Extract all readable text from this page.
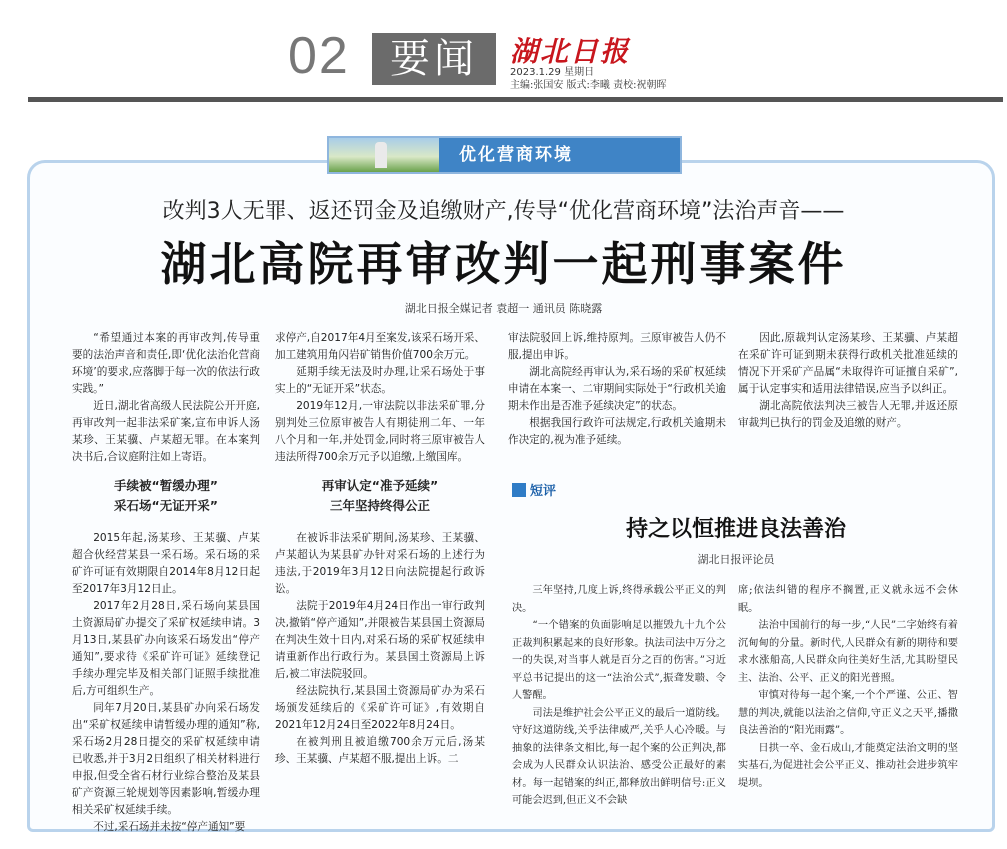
02	要闻	湖北日报
2023.1.29 星期日
主编:张国安 版式:李曦 责校:祝朝晖
优化营商环境
改判3人无罪、返还罚金及追缴财产,传导“优化营商环境”法治声音——
湖北高院再审改判一起刑事案件
湖北日报全媒记者 袁超一 通讯员 陈晓露

“希望通过本案的再审改判,传导重要的法治声音和责任,即‘优化法治化营商环境’的要求,应落脚于每一次的依法行政实践。”

近日,湖北省高级人民法院公开开庭,再审改判一起非法采矿案,宣布申诉人汤某珍、王某骥、卢某超无罪。在本案判决书后,合议庭附注如上寄语。

手续被“暂缓办理”

采石场“无证开采”

2015年起,汤某珍、王某骥、卢某超合伙经营某县一采石场。采石场的采矿许可证有效期限自2014年8月12日起至2017年3月12日止。

2017年2月28日,采石场向某县国土资源局矿办提交了采矿权延续申请。3月13日,某县矿办向该采石场发出“停产通知”,要求待《采矿许可证》延续登记手续办理完毕及相关部门证照手续批准后,方可组织生产。

同年7月20日,某县矿办向采石场发出“采矿权延续申请暂缓办理的通知”称,采石场2月28日提交的采矿权延续申请已收悉,并于3月2日组织了相关材料进行申报,但受全省石材行业综合整治及某县矿产资源三轮规划等因素影响,暂缓办理相关采矿权延续手续。

不过,采石场并未按“停产通知”要

求停产,自2017年4月至案发,该采石场开采、加工建筑用角闪岩矿销售价值700余万元。

延期手续无法及时办理,让采石场处于事实上的“无证开采”状态。

2019年12月,一审法院以非法采矿罪,分别判处三位原审被告人有期徒刑二年、一年八个月和一年,并处罚金,同时将三原审被告人违法所得700余万元予以追缴,上缴国库。

再审认定“准予延续”

三年坚持终得公正

在被诉非法采矿期间,汤某珍、王某骥、卢某超认为某县矿办针对采石场的上述行为违法,于2019年3月12日向法院提起行政诉讼。

法院于2019年4月24日作出一审行政判决,撤销“停产通知”,并限被告某县国土资源局在判决生效十日内,对采石场的采矿权延续申请重新作出行政行为。某县国土资源局上诉后,被二审法院驳回。

经法院执行,某县国土资源局矿办为采石场颁发延续后的《采矿许可证》,有效期自2021年12月24日至2022年8月24日。

在被判刑且被追缴700余万元后,汤某珍、王某骥、卢某超不服,提出上诉。二

审法院驳回上诉,维持原判。三原审被告人仍不服,提出申诉。

湖北高院经再审认为,采石场的采矿权延续申请在本案一、二审期间实际处于“行政机关逾期未作出是否准予延续决定”的状态。

根据我国行政许可法规定,行政机关逾期未作决定的,视为准予延续。

因此,原裁判认定汤某珍、王某骥、卢某超在采矿许可证到期未获得行政机关批准延续的情况下开采矿产品属“未取得许可证擅自采矿”,属于认定事实和适用法律错误,应当予以纠正。

湖北高院依法判决三被告人无罪,并返还原审裁判已执行的罚金及追缴的财产。

短评
持之以恒推进良法善治
湖北日报评论员

三年坚持,几度上诉,终得承载公平正义的判决。

“一个错案的负面影响足以摧毁九十九个公正裁判积累起来的良好形象。执法司法中万分之一的失误,对当事人就是百分之百的伤害。”习近平总书记提出的这一“法治公式”,振聋发聩、令人警醒。

司法是维护社会公平正义的最后一道防线。守好这道防线,关乎法律威严,关乎人心冷暖。与抽象的法律条文相比,每一起个案的公正判决,都会成为人民群众认识法治、感受公正最好的素材。每一起错案的纠正,都释放出鲜明信号:正义可能会迟到,但正义不会缺

席;依法纠错的程序不搁置,正义就永远不会休眠。

法治中国前行的每一步,“人民”二字始终有着沉甸甸的分量。新时代,人民群众有新的期待和要求水涨船高,人民群众向往美好生活,尤其盼望民主、法治、公平、正义的阳光普照。

审慎对待每一起个案,一个个严谨、公正、智慧的判决,就能以法治之信仰,守正义之天平,播撒良法善治的“阳光雨露”。

日拱一卒、金石成山,才能奠定法治文明的坚实基石,为促进社会公平正义、推动社会进步筑牢堤坝。
